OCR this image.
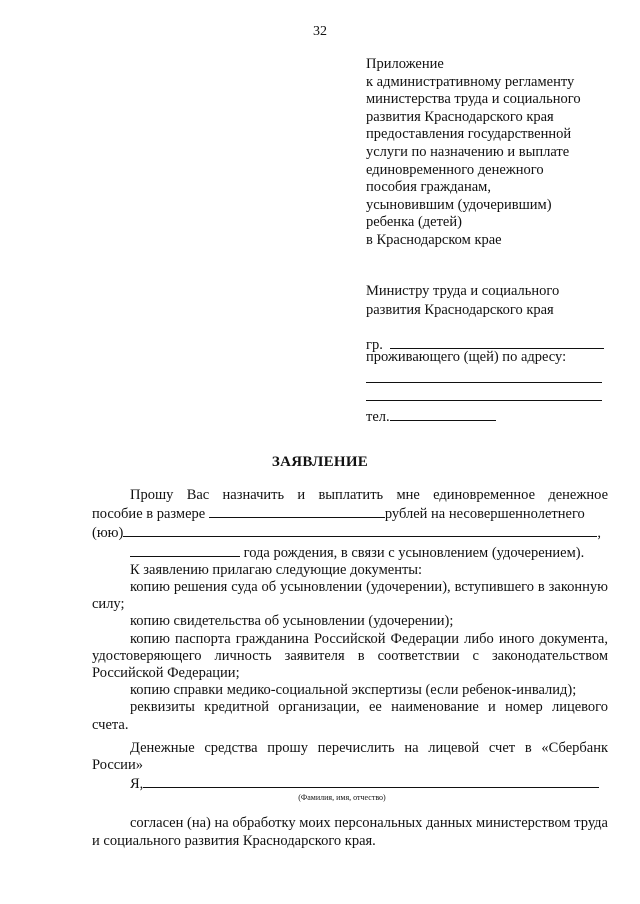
32
Приложение
к административному регламенту
министерства труда и социального
развития Краснодарского края
предоставления государственной
услуги по назначению и выплате
единовременного денежного
пособия гражданам,
усыновившим (удочерившим)
ребенка (детей)
в Краснодарском крае
Министру труда и социального
развития Краснодарского края
гр.
проживающего (щей) по адресу:
тел.
ЗАЯВЛЕНИЕ
Прошу Вас назначить и выплатить мне единовременное денежное
пособие в размере	рублей на несовершеннолетнего
(юю)	,
года рождения, в связи с усыновлением (удочерением).

К заявлению прилагаю следующие документы:

копию решения суда об усыновлении (удочерении), вступившего в законную силу;

копию свидетельства об усыновлении (удочерении);

копию паспорта гражданина Российской Федерации либо иного документа, удостоверяющего личность заявителя в соответствии с законодательством Российской Федерации;

копию справки медико-социальной экспертизы (если ребенок-инвалид);

реквизиты кредитной организации, ее наименование и номер лицевого счета.

Денежные средства прошу перечислить на лицевой счет в «Сбербанк России»

Я,
(Фамилия, имя, отчество)

согласен (на) на обработку моих персональных данных министерством труда и социального развития Краснодарского края.
